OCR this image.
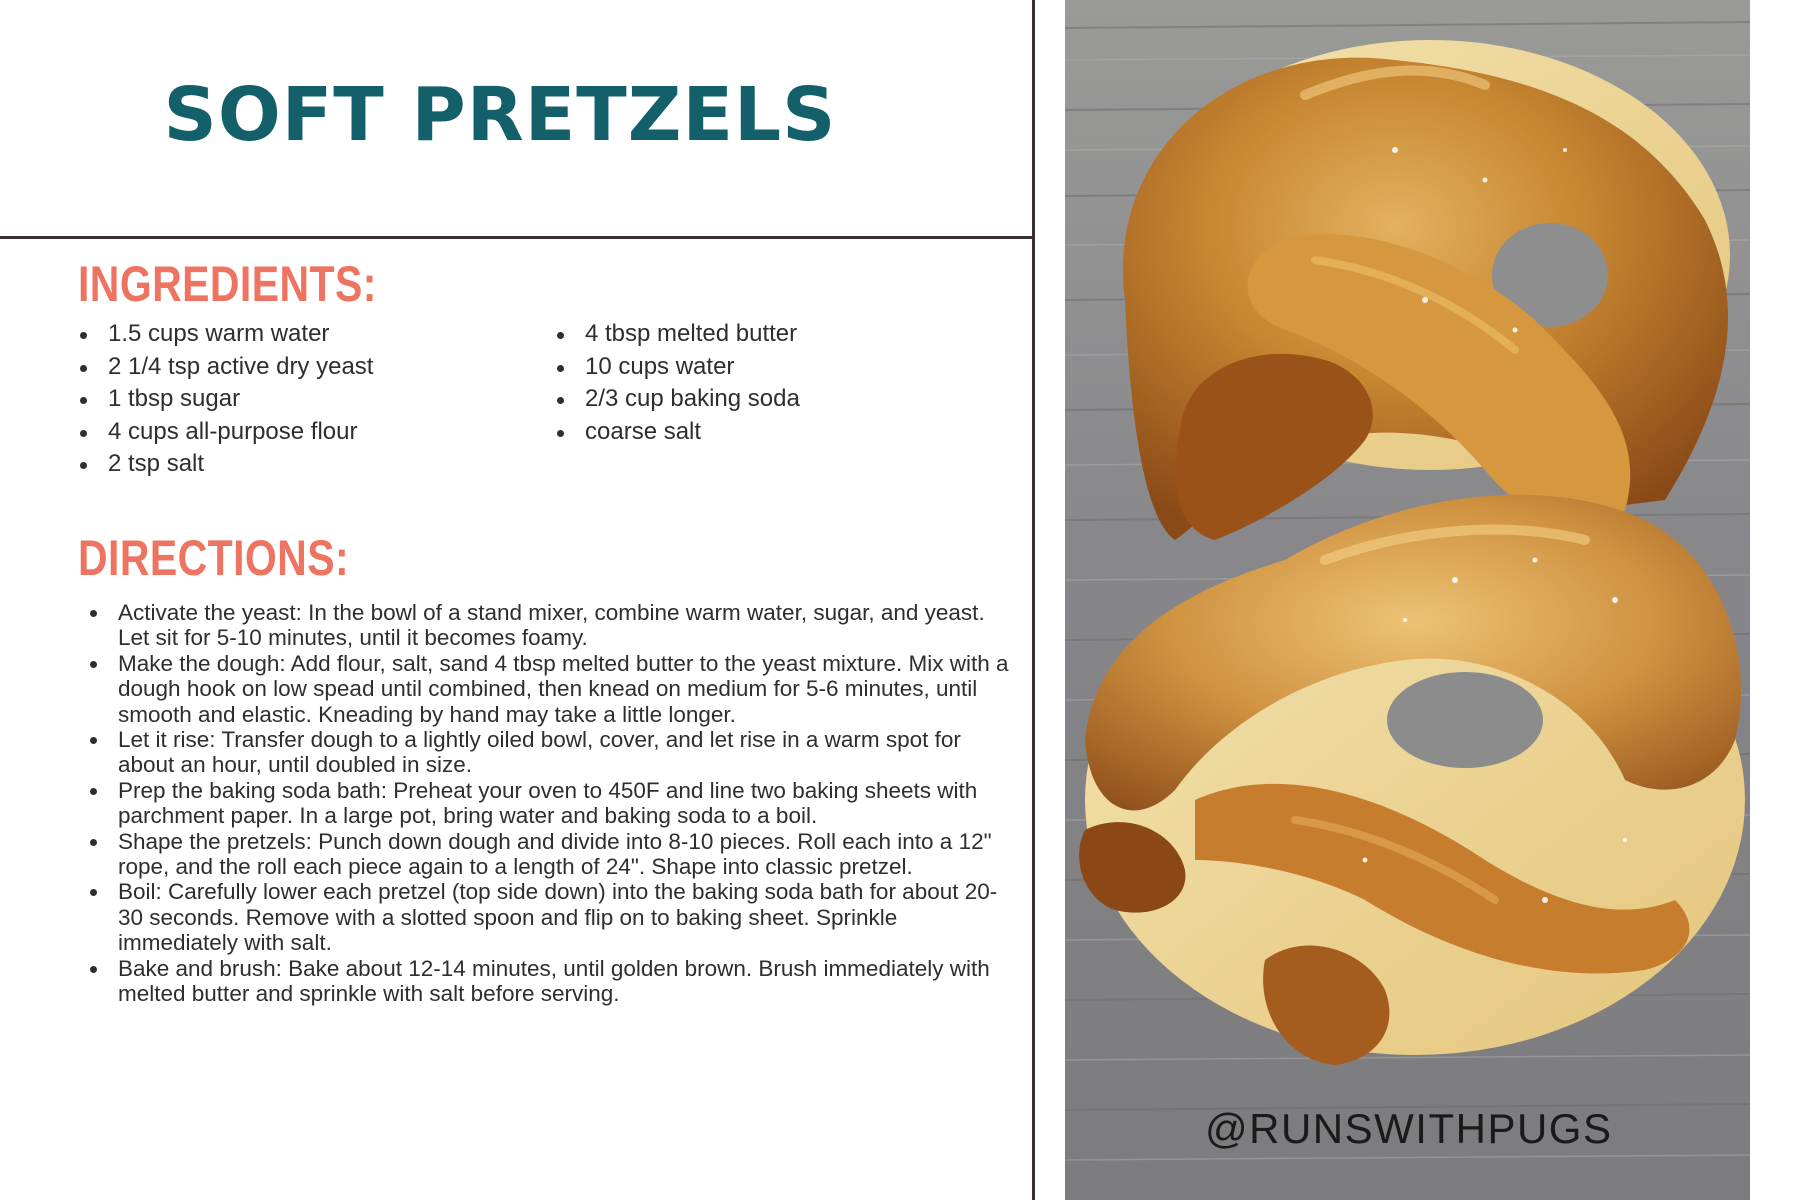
SOFT PRETZELS
INGREDIENTS:
1.5 cups warm water
2 1/4 tsp active dry yeast
1 tbsp sugar
4 cups all-purpose flour
2 tsp salt
4 tbsp melted butter
10 cups water
2/3 cup baking soda
coarse salt
DIRECTIONS:
Activate the yeast: In the bowl of a stand mixer, combine warm water, sugar, and yeast. Let sit for 5-10 minutes, until it becomes foamy.
Make the dough: Add flour, salt, sand 4 tbsp melted butter to the yeast mixture. Mix with a dough hook on low spead until combined, then knead on medium for 5-6 minutes, until smooth and elastic. Kneading by hand may take a little longer.
Let it rise: Transfer dough to a lightly oiled bowl, cover, and let rise in a warm spot for about an hour, until doubled in size.
Prep the baking soda bath: Preheat your oven to 450F and line two baking sheets with parchment paper. In a large pot, bring water and baking soda to a boil.
Shape the pretzels: Punch down dough and divide into 8-10 pieces. Roll each into a 12" rope, and the roll each piece again to a length of 24". Shape into classic pretzel.
Boil: Carefully lower each pretzel (top side down) into the baking soda bath for about 20-30 seconds. Remove with a slotted spoon and flip on to baking sheet. Sprinkle immediately with salt.
Bake and brush: Bake about 12-14 minutes, until golden brown. Brush immediately with melted butter and sprinkle with salt before serving.
@RUNSWITHPUGS
